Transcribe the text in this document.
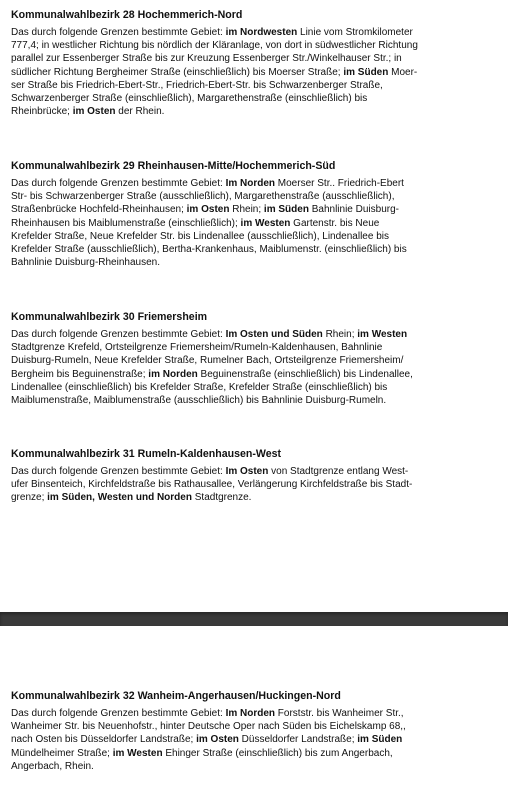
Kommunalwahlbezirk 28 Hochemmerich-Nord

Das durch folgende Grenzen bestimmte Gebiet: im Nordwesten Linie vom Stromkilometer
777,4; in westlicher Richtung bis nördlich der Kläranlage, von dort in südwestlicher Richtung
parallel zur Essenberger Straße bis zur Kreuzung Essenberger Str./Winkelhauser Str.; in
südlicher Richtung Bergheimer Straße (einschließlich) bis Moerser Straße; im Süden Moer-
ser Straße bis Friedrich-Ebert-Str., Friedrich-Ebert-Str. bis Schwarzenberger Straße,
Schwarzenberger Straße (einschließlich), Margarethenstraße (einschließlich) bis
Rheinbrücke; im Osten der Rhein.

Kommunalwahlbezirk 29 Rheinhausen-Mitte/Hochemmerich-Süd

Das durch folgende Grenzen bestimmte Gebiet: Im Norden Moerser Str.. Friedrich-Ebert
Str- bis Schwarzenberger Straße (ausschließlich), Margarethenstraße (ausschließlich),
Straßenbrücke Hochfeld-Rheinhausen; im Osten Rhein; im Süden Bahnlinie Duisburg-
Rheinhausen bis Maiblumenstraße (einschließlich); im Westen Gartenstr. bis Neue
Krefelder Straße, Neue Krefelder Str. bis Lindenallee (ausschließlich), Lindenallee bis
Krefelder Straße (ausschließlich), Bertha-Krankenhaus, Maiblumenstr. (einschließlich) bis
Bahnlinie Duisburg-Rheinhausen.

Kommunalwahlbezirk 30 Friemersheim

Das durch folgende Grenzen bestimmte Gebiet: Im Osten und Süden Rhein; im Westen
Stadtgrenze Krefeld, Ortsteilgrenze Friemersheim/Rumeln-Kaldenhausen, Bahnlinie
Duisburg-Rumeln, Neue Krefelder Straße, Rumelner Bach, Ortsteilgrenze Friemersheim/
Bergheim bis Beguinenstraße; im Norden Beguinenstraße (einschließlich) bis Lindenallee,
Lindenallee (einschließlich) bis Krefelder Straße, Krefelder Straße (einschließlich) bis
Maiblumenstraße, Maiblumenstraße (ausschließlich) bis Bahnlinie Duisburg-Rumeln.

Kommunalwahlbezirk 31 Rumeln-Kaldenhausen-West

Das durch folgende Grenzen bestimmte Gebiet: Im Osten von Stadtgrenze entlang West-
ufer Binsenteich, Kirchfeldstraße bis Rathausallee, Verlängerung Kirchfeldstraße bis Stadt-
grenze; im Süden, Westen und Norden Stadtgrenze.

Kommunalwahlbezirk 32 Wanheim-Angerhausen/Huckingen-Nord

Das durch folgende Grenzen bestimmte Gebiet: Im Norden Forststr. bis Wanheimer Str.,
Wanheimer Str. bis Neuenhofstr., hinter Deutsche Oper nach Süden bis Eichelskamp 68,,
nach Osten bis Düsseldorfer Landstraße; im Osten Düsseldorfer Landstraße; im Süden
Mündelheimer Straße; im Westen Ehinger Straße (einschließlich) bis zum Angerbach,
Angerbach, Rhein.
